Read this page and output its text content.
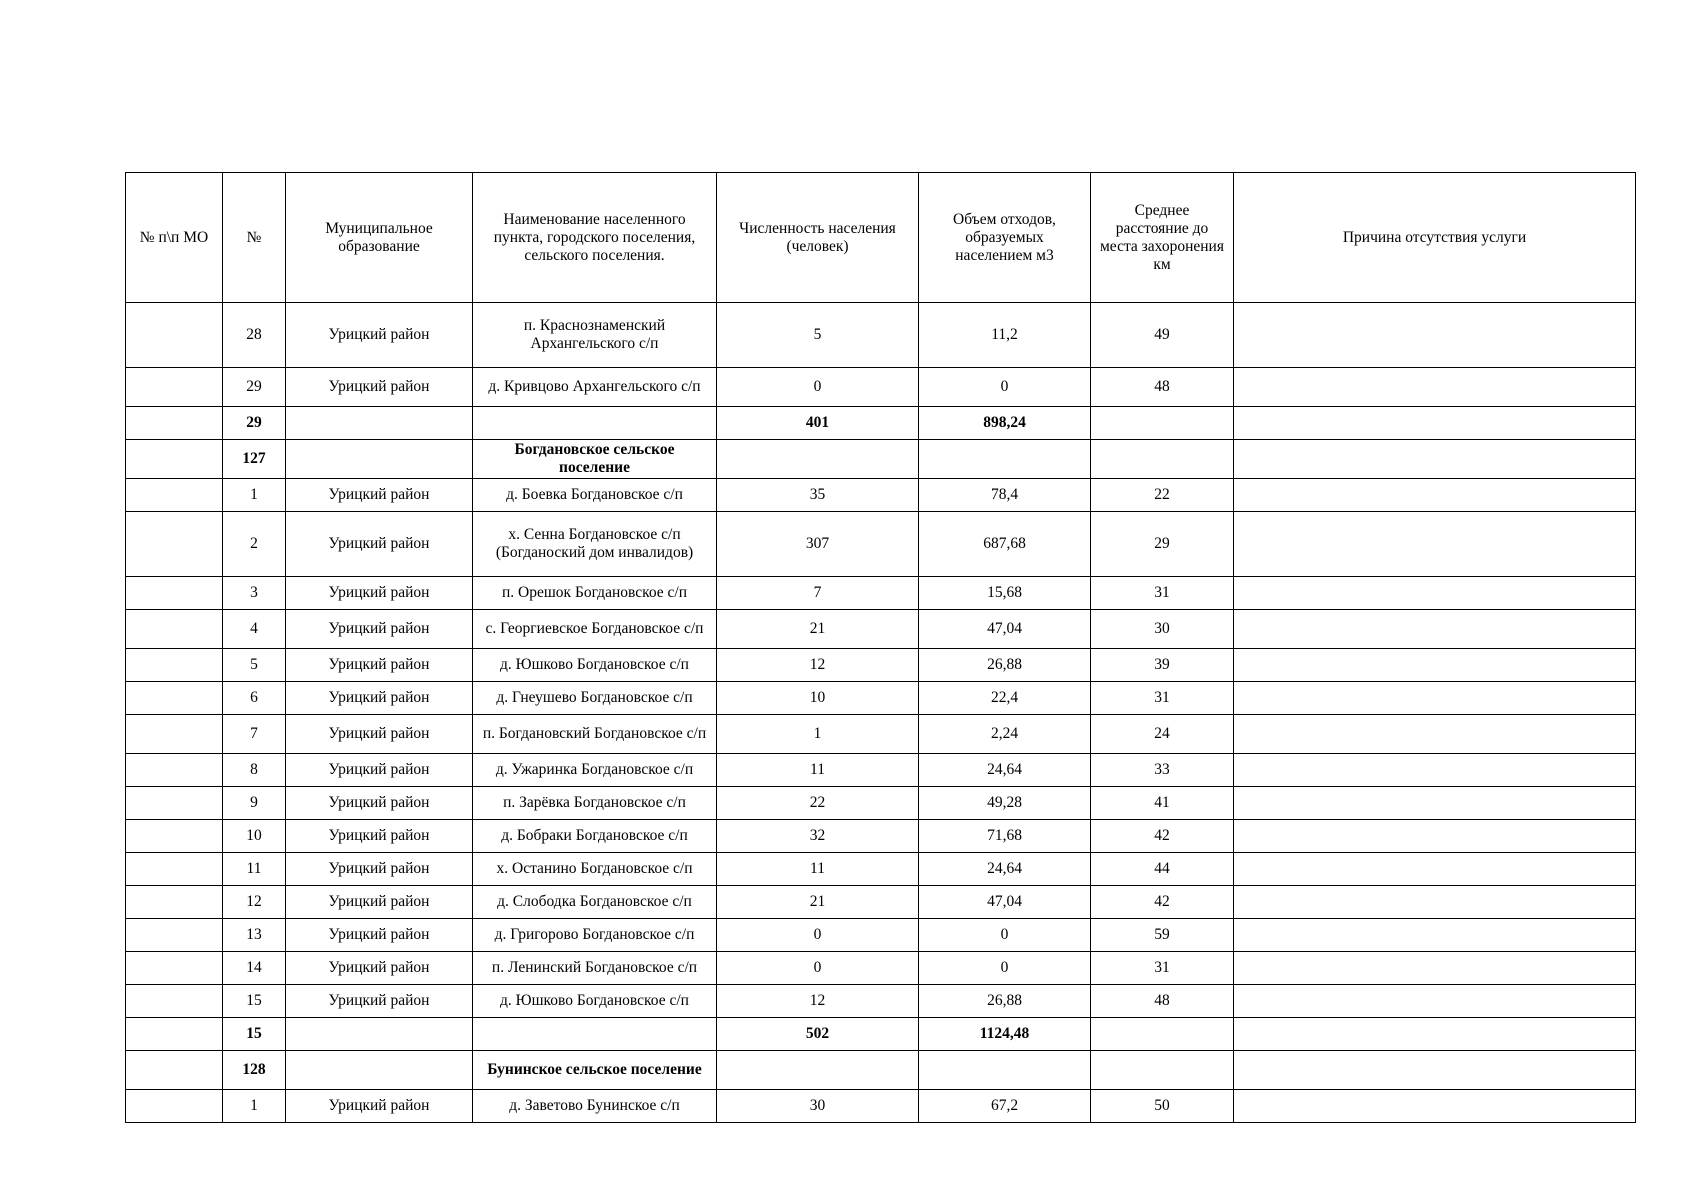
№ п\п МО	№	Муниципальное образование	Наименование населенного пункта, городского поселения, сельского поселения.	Численность населения (человек)	Объем отходов, образуемых населением м3	Среднее расстояние до места захоронения км	Причина отсутствия услуги
	28	Урицкий район	п. Краснознаменский Архангельского с/п	5	11,2	49	
	29	Урицкий район	д. Кривцово Архангельского с/п	0	0	48	
	29			401	898,24		
	127		Богдановское сельское поселение				
	1	Урицкий район	д. Боевка Богдановское с/п	35	78,4	22	
	2	Урицкий район	х. Сенна Богдановское с/п (Богданоский дом инвалидов)	307	687,68	29	
	3	Урицкий район	п. Орешок Богдановское с/п	7	15,68	31	
	4	Урицкий район	с. Георгиевское Богдановское с/п	21	47,04	30	
	5	Урицкий район	д. Юшково Богдановское с/п	12	26,88	39	
	6	Урицкий район	д. Гнеушево Богдановское с/п	10	22,4	31	
	7	Урицкий район	п. Богдановский Богдановское с/п	1	2,24	24	
	8	Урицкий район	д. Ужаринка Богдановское с/п	11	24,64	33	
	9	Урицкий район	п. Зарёвка Богдановское с/п	22	49,28	41	
	10	Урицкий район	д. Бобраки Богдановское с/п	32	71,68	42	
	11	Урицкий район	х. Останино Богдановское с/п	11	24,64	44	
	12	Урицкий район	д. Слободка Богдановское с/п	21	47,04	42	
	13	Урицкий район	д. Григорово Богдановское с/п	0	0	59	
	14	Урицкий район	п. Ленинский Богдановское с/п	0	0	31	
	15	Урицкий район	д. Юшково Богдановское с/п	12	26,88	48	
	15			502	1124,48		
	128		Бунинское сельское поселение				
	1	Урицкий район	д. Заветово Бунинское с/п	30	67,2	50	
